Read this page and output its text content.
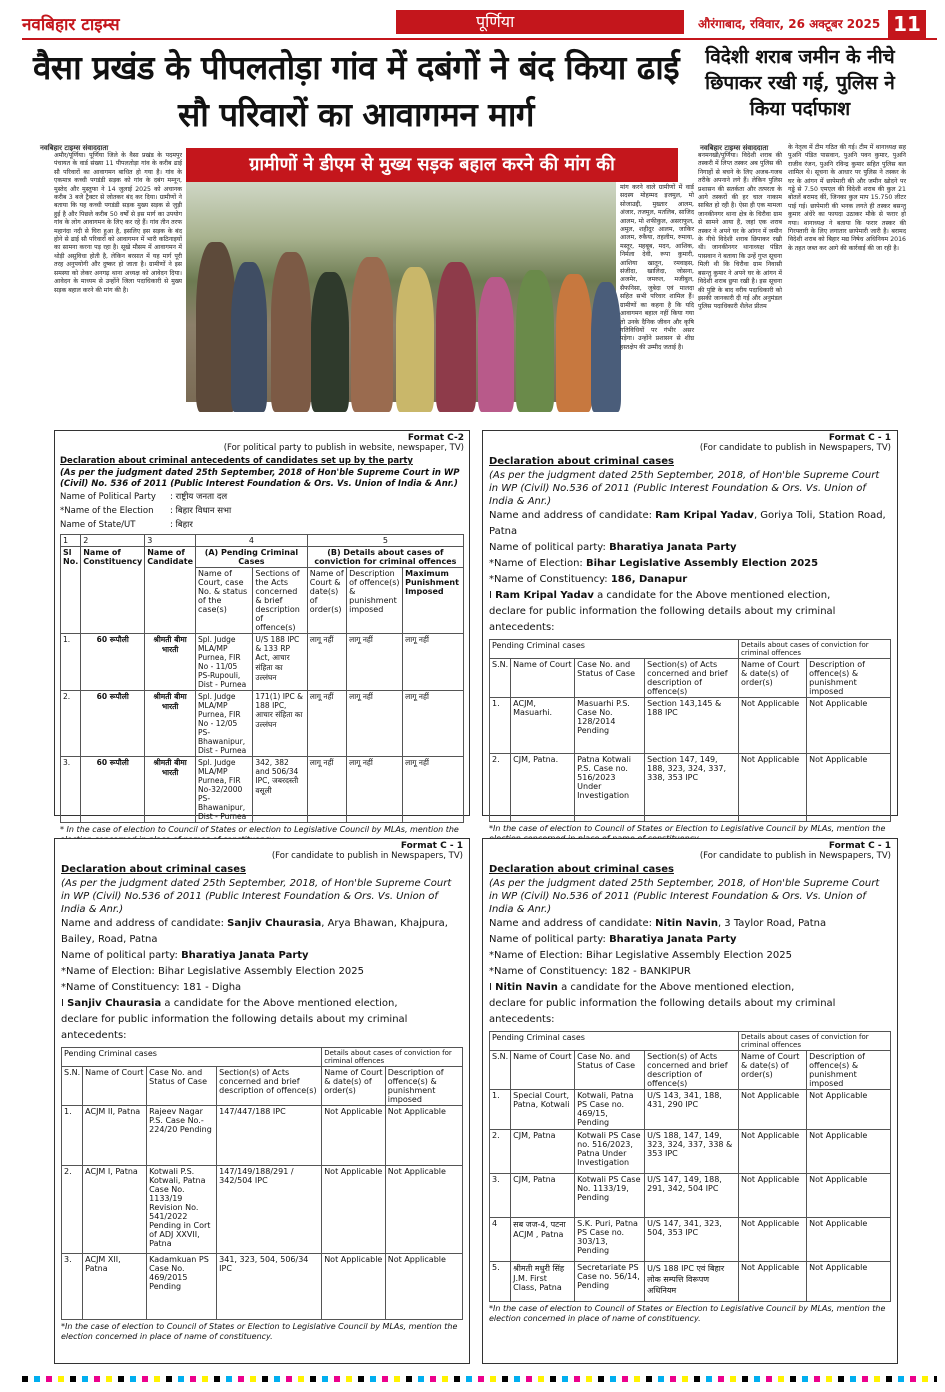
नवबिहार टाइम्स	पूर्णिया	औरंगाबाद, रविवार, 26 अक्टूबर 2025 11
वैसा प्रखंड के पीपलतोड़ा गांव में दबंगों ने बंद किया ढाई सौ परिवारों का आवागमन मार्ग
ग्रामीणों ने डीएम से मुख्य सड़क बहाल करने की मांग की
नवबिहार टाइम्स संवाददाता
अमौर/पूर्णिया। पूर्णिया जिले के वैसा प्रखंड के पदमपुर पंचायत के वार्ड संख्या 11 पीपलतोड़ा गांव के करीब ढाई सौ परिवारों का आवागमन बाधित हो गया है। गांव के एकमात्र कच्ची पगडंडी सड़क को गांव के दबंग मम्नून, मुस्तेद और मुस्तुफा ने 14 जुलाई 2025 को अचानक करीब 3 बजे ट्रैक्टर से जोतकर बंद कर दिया। ग्रामीणों ने बताया कि यह कच्ची पगडंडी सड़क मुख्य सड़क से जुड़ी हुई है और पिछले करीब 50 वर्षों से इस मार्ग का उपयोग गांव के लोग आवागमन के लिए कर रहे हैं। गांव तीन तरफ महानंदा नदी से घिरा हुआ है, इसलिए इस सड़क के बंद होने से ढाई सौ परिवारों को आवागमन में भारी कठिनाइयों का सामना करना पड़ रहा है। सूखे मौसम में आवागमन में थोड़ी असुविधा होती है, लेकिन बरसात में यह मार्ग पूरी तरह अनुपयोगी और दुष्कर हो जाता है। ग्रामीणों ने इस समस्या को लेकर अनगढ़ थाना अध्यक्ष को आवेदन दिया। आवेदन के माध्यम से उन्होंने जिला पदाधिकारी से मुख्य सड़क बहाल करने की मांग की है।
मांग करने वाले ग्रामीणों में वार्ड सदस्य मोहम्मद इजमुल, मो सोजाउद्दी, मुख्तार आलम, अंजार, तजमुल, मतलिब, साजिद आलम, मो शफीकुल, असराफुल, अमुल, शहीदुर आलम, जाकिर आलम, रुकैया, तहलीम, रुमाया, मस्तूर, महबूब, मदन, आशिक, निर्मला देवी, रूपा कुमारी, आशिया खातून, रमवाइस, संजीदा, खालिदा, जोसना, अजमेर, जमरुल, मजीबुल, सैफनिसा, जुबेदा एवं मालदा सहित सभी परिवार शामिल हैं। ग्रामीणों का कहना है कि यदि आवागमन बहाल नहीं किया गया तो उनके दैनिक जीवन और कृषि गतिविधियों पर गंभीर असर पड़ेगा। उन्होंने प्रशासन से शीघ्र हस्तक्षेप की उम्मीद जताई है।
विदेशी शराब जमीन के नीचे छिपाकर रखी गई, पुलिस ने किया पर्दाफाश
नवबिहार टाइम्स संवाददाता
बनमनखी/पूर्णिया। विदेशी शराब की तस्करी में लिप्त तस्कर अब पुलिस की निगाहों से बचने के लिए अजब-गजब तरीके अपनाने लगे हैं। लेकिन पुलिस प्रशासन की सतर्कता और तत्परता के आगे तस्करों की हर चाल नाकाम साबित हो रही है। ऐसा ही एक मामला जानकीनगर थाना क्षेत्र के चिरौवा ग्राम से सामने आया है, जहां एक शराब तस्कर ने अपने घर के आंगन में जमीन के नीचे विदेशी शराब छिपाकर रखी थी। जानकीनगर थानाध्यक्ष पंडित पासवान ने बताया कि उन्हें गुप्त सूचना मिली थी कि चिरौवा ग्राम निवासी बसन्तु कुमार ने अपने घर के आंगन में विदेशी शराब छुपा रखी है। इस सूचना की पुष्टि के बाद वरीय पदाधिकारी को इसकी जानकारी दी गई और अनुमंडल पुलिस पदाधिकारी शैलेश प्रीतम
के नेतृत्व में टीम गठित की गई। टीम में थानाध्यक्ष सह पुअनि पंडित पासवान, पुअनि पवन कुमार, पुअनि राजीव रंजन, पुअनि रविन्द्र कुमार सहित पुलिस बल शामिल थे। सूचना के आधार पर पुलिस ने तस्कर के घर के आंगन में छापेमारी की और जमीन खोदने पर गड्ढे से 7.50 एमएल की विदेशी शराब की कुल 21 बोतलें बरामद कीं, जिनका कुल माप 15.750 लीटर पाई गई। छापेमारी की भनक लगते ही तस्कर बसन्तु कुमार अंधेरे का फायदा उठाकर मौके से फरार हो गया। थानाध्यक्ष ने बताया कि फरार तस्कर की गिरफ्तारी के लिए लगातार छापेमारी जारी है। बरामद विदेशी शराब को बिहार मद्य निषेध अधिनियम 2016 के तहत जब्त कर आगे की कार्रवाई की जा रही है।
Format C-2
(For political party to publish in website, newspaper, TV)
Declaration about criminal antecedents of candidates set up by the party
(As per the judgment dated 25th September, 2018 of Hon'ble Supreme Court in WP (Civil) No. 536 of 2011 (Public Interest Foundation & Ors. Vs. Union of India & Anr.)
Name of Political Party : राष्ट्रीय जनता दल
*Name of the Election : बिहार विधान सभा
Name of State/UT	: बिहार
1	2	3	4		5		
Sl No.	Name of Constituency	Name of Candidate	(A) Pending Criminal Cases		(B) Details about cases of conviction for criminal offences		
			Name of Court, case No. & status of the case(s)	Sections of the Acts concerned & brief description of offence(s)	Name of Court & date(s) of order(s)	Description of offence(s) & punishment imposed	Maximum Punishment Imposed
1.	60 रूपौली	श्रीमती बीमा भारती	Spl. Judge MLA/MP Purnea, FIR No - 11/05 PS-Rupouli, Dist - Purnea	U/S 188 IPC & 133 RP Act, आचार संहिता का उल्लंघन	लागू नहीं	लागू नहीं	लागू नहीं
2.	60 रूपौली	श्रीमती बीमा भारती	Spl. Judge MLA/MP Purnea, FIR No - 12/05 PS-Bhawanipur, Dist - Purnea	171(1) IPC & 188 IPC, आचार संहिता का उल्लंघन	लागू नहीं	लागू नहीं	लागू नहीं
3.	60 रूपौली	श्रीमती बीमा भारती	Spl. Judge MLA/MP Purnea, FIR No-32/2000 PS-Bhawanipur, Dist - Purnea	342, 382 and 506/34 IPC, जबरदस्ती वसूली	लागू नहीं	लागू नहीं	लागू नहीं
* In the case of election to Council of States or election to Legislative Council by MLAs, mention the
Format C - 1
(For candidate to publish in Newspapers, TV)
Declaration about criminal cases
(As per the judgment dated 25th September, 2018, of Hon'ble Supreme Court in WP (Civil) No.536 of 2011 (Public Interest Foundation & Ors. Vs. Union of India & Anr.)
Name and address of candidate: Ram Kripal Yadav, Goriya Toli, Station Road, Patna
Name of political party: Bharatiya Janata Party
*Name of Election: Bihar Legislative Assembly Election 2025
*Name of Constituency: 186, Danapur
I Ram Kripal Yadav a candidate for the Above mentioned election,
declare for public information the following details about my criminal antecedents:
Pending Criminal cases				Details about cases of conviction for criminal offences	
S.N.	Name of Court	Case No. and Status of Case	Section(s) of Acts concerned and brief description of offence(s)	Name of Court & date(s) of order(s)	Description of offence(s) & punishment imposed
1.	ACJM, Masuarhi.	Masuarhi P.S. Case No. 128/2014 Pending	Section 143,145 & 188 IPC	Not Applicable	Not Applicable
2.	CJM, Patna.	Patna Kotwali P.S. Case no. 516/2023 Under Investigation	Section 147, 149, 188, 323, 324, 337, 338, 353 IPC	Not Applicable	Not Applicable
*In the case of election to Council of States or Election to Legislative Council by MLAs, mention the
Format C - 1
(For candidate to publish in Newspapers, TV)
Declaration about criminal cases
(As per the judgment dated 25th September, 2018, of Hon'ble Supreme Court in WP (Civil) No.536 of 2011 (Public Interest Foundation & Ors. Vs. Union of India & Anr.)
Name and address of candidate: Sanjiv Chaurasia, Arya Bhawan, Khajpura, Bailey, Road, Patna
Name of political party: Bharatiya Janata Party
*Name of Election: Bihar Legislative Assembly Election 2025
*Name of Constituency: 181 - Digha
I Sanjiv Chaurasia a candidate for the Above mentioned election,
declare for public information the following details about my criminal antecedents:
Pending Criminal cases				Details about cases of conviction for criminal offences	
S.N.	Name of Court	Case No. and Status of Case	Section(s) of Acts concerned and brief description of offence(s)	Name of Court & date(s) of order(s)	Description of offence(s) & punishment imposed
1.	ACJM II, Patna	Rajeev Nagar P.S. Case No.- 224/20 Pending	147/447/188 IPC	Not Applicable	Not Applicable
2.	ACJM I, Patna	Kotwali P.S. Kotwali, Patna Case No. 1133/19 Revision No. 541/2022 Pending in Cort of ADJ XXVII, Patna	147/149/188/291 / 342/504 IPC	Not Applicable	Not Applicable
3.	ACJM XII, Patna	Kadamkuan PS Case No. 469/2015 Pending	341, 323, 504, 506/34 IPC	Not Applicable	Not Applicable
*In the case of election to Council of States or Election to Legislative Council by MLAs, mention the election concerned in place of name of constituency.
Format C - 1
(For candidate to publish in Newspapers, TV)
Declaration about criminal cases
(As per the judgment dated 25th September, 2018, of Hon'ble Supreme Court in WP (Civil) No.536 of 2011 (Public Interest Foundation & Ors. Vs. Union of India & Anr.)
Name and address of candidate: Nitin Navin, 3 Taylor Road, Patna
Name of political party: Bharatiya Janata Party
*Name of Election: Bihar Legislative Assembly Election 2025
*Name of Constituency: 182 - BANKIPUR
I Nitin Navin a candidate for the Above mentioned election,
declare for public information the following details about my criminal antecedents:
Pending Criminal cases				Details about cases of conviction for criminal offences	
S.N.	Name of Court	Case No. and Status of Case	Section(s) of Acts concerned and brief description of offence(s)	Name of Court & date(s) of order(s)	Description of offence(s) & punishment imposed
1.	Special Court, Patna, Kotwali	Kotwali, Patna PS Case no. 469/15, Pending	U/S 143, 341, 188, 431, 290 IPC	Not Applicable	Not Applicable
2.	CJM, Patna	Kotwali PS Case no. 516/2023, Patna Under Investigation	U/S 188, 147, 149, 323, 324, 337, 338 & 353 IPC	Not Applicable	Not Applicable
3.	CJM, Patna	Kotwali PS Case No. 1133/19, Pending	U/S 147, 149, 188, 291, 342, 504 IPC	Not Applicable	Not Applicable
4	सब जज-4, पटना ACJM , Patna	S.K. Puri, Patna PS Case no. 303/13, Pending	U/S 147, 341, 323, 504, 353 IPC	Not Applicable	Not Applicable
5.	श्रीमती मधुरी सिंह J.M. First Class, Patna	Secretariate PS Case no. 56/14, Pending	U/S 188 IPC एवं बिहार लोक सम्पत्ति विरूपण अधिनियम	Not Applicable	Not Applicable
*In the case of election to Council of States or Election to Legislative Council by MLAs, mention the election concerned in place of name of constituency.
